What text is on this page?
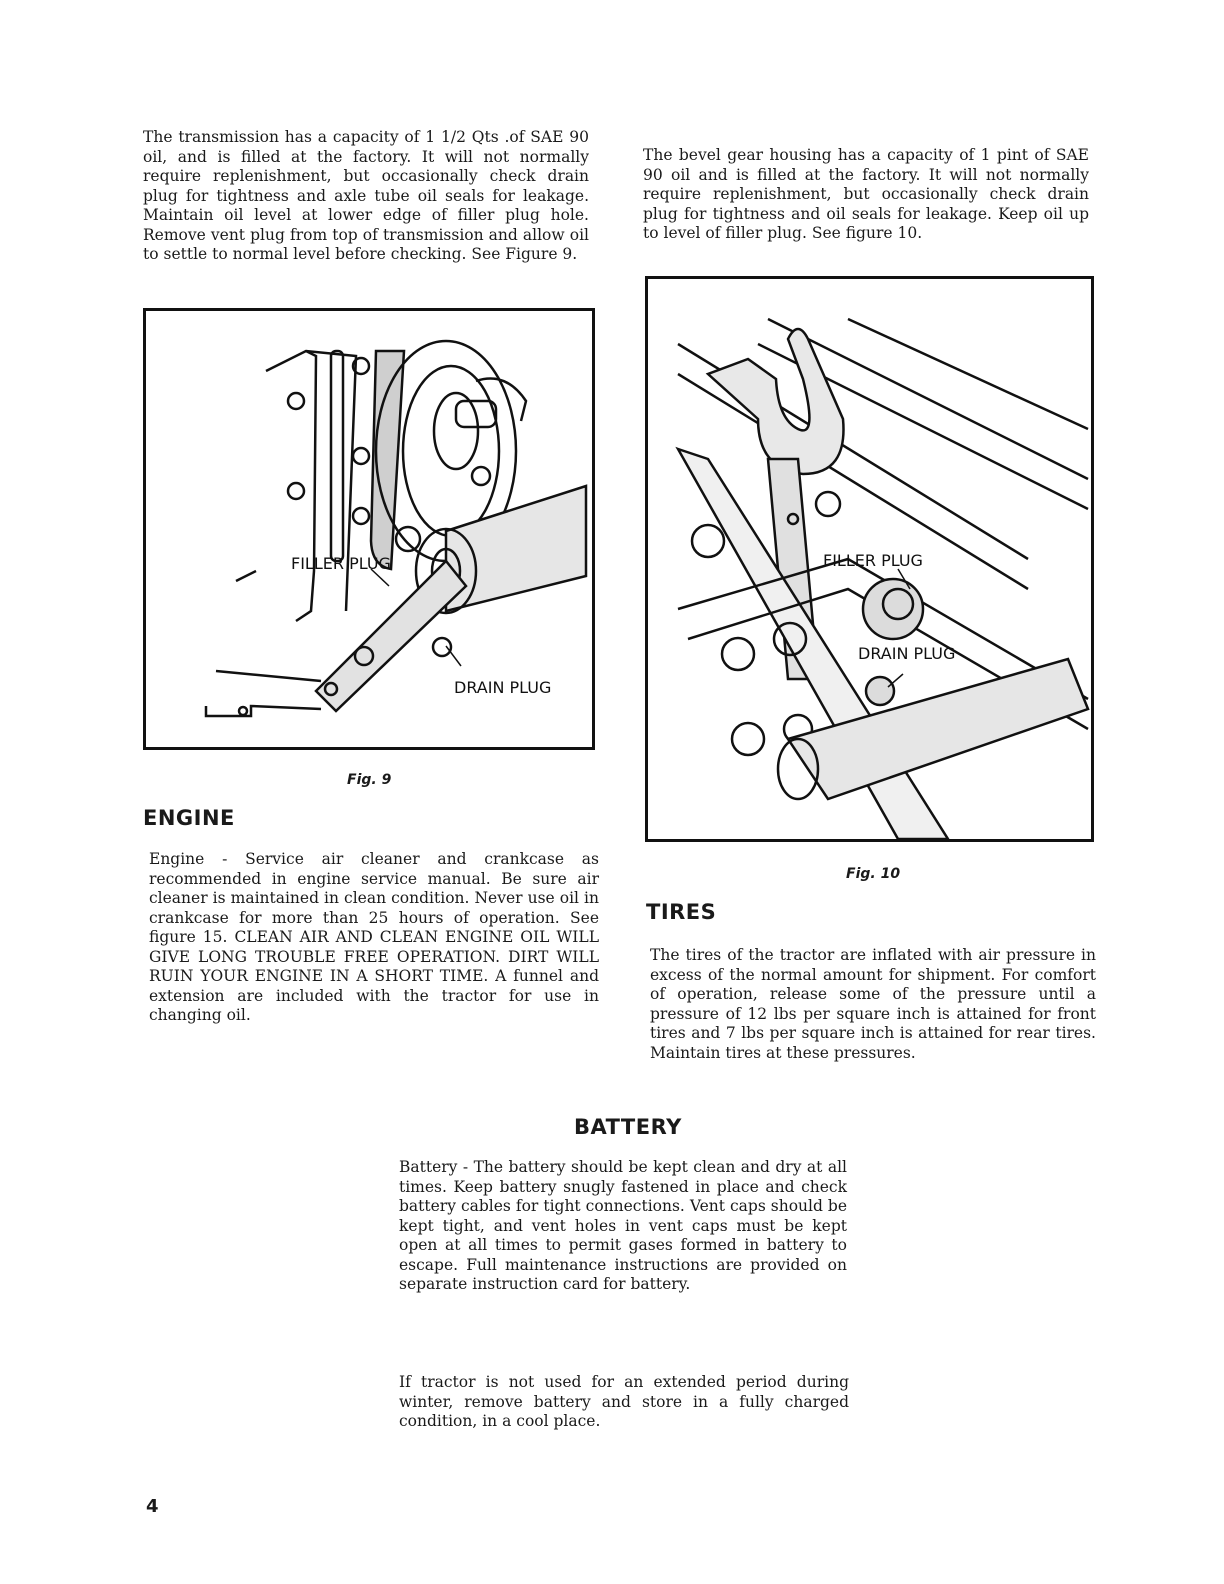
The transmission has a capacity of 1 1/2 Qts .of SAE 90 oil, and is filled at the factory. It will not normally require replenishment, but occasionally check drain plug for tightness and axle tube oil seals for leakage. Maintain oil level at lower edge of filler plug hole. Remove vent plug from top of transmission and allow oil to settle to normal level before checking. See Figure 9.

FILLER PLUG
DRAIN PLUG
Fig. 9
ENGINE

Engine - Service air cleaner and crankcase as recommended in engine service manual. Be sure air cleaner is maintained in clean condition. Never use oil in crankcase for more than 25 hours of operation. See figure 15. CLEAN AIR AND CLEAN ENGINE OIL WILL GIVE LONG TROUBLE FREE OPERATION. DIRT WILL RUIN YOUR ENGINE IN A SHORT TIME. A funnel and extension are included with the tractor for use in changing oil.

The bevel gear housing has a capacity of 1 pint of SAE 90 oil and is filled at the factory. It will not normally require replenishment, but occasionally check drain plug for tightness and oil seals for leakage. Keep oil up to level of filler plug. See figure 10.

FILLER PLUG
DRAIN PLUG
Fig. 10
TIRES

The tires of the tractor are inflated with air pressure in excess of the normal amount for shipment. For comfort of operation, release some of the pressure until a pressure of 12 lbs per square inch is attained for front tires and 7 lbs per square inch is attained for rear tires. Maintain tires at these pressures.

BATTERY

Battery - The battery should be kept clean and dry at all times. Keep battery snugly fastened in place and check battery cables for tight connections. Vent caps should be kept tight, and vent holes in vent caps must be kept open at all times to permit gases formed in battery to escape. Full maintenance instructions are provided on separate instruction card for battery.

If tractor is not used for an extended period during winter, remove battery and store in a fully charged condition, in a cool place.

4
